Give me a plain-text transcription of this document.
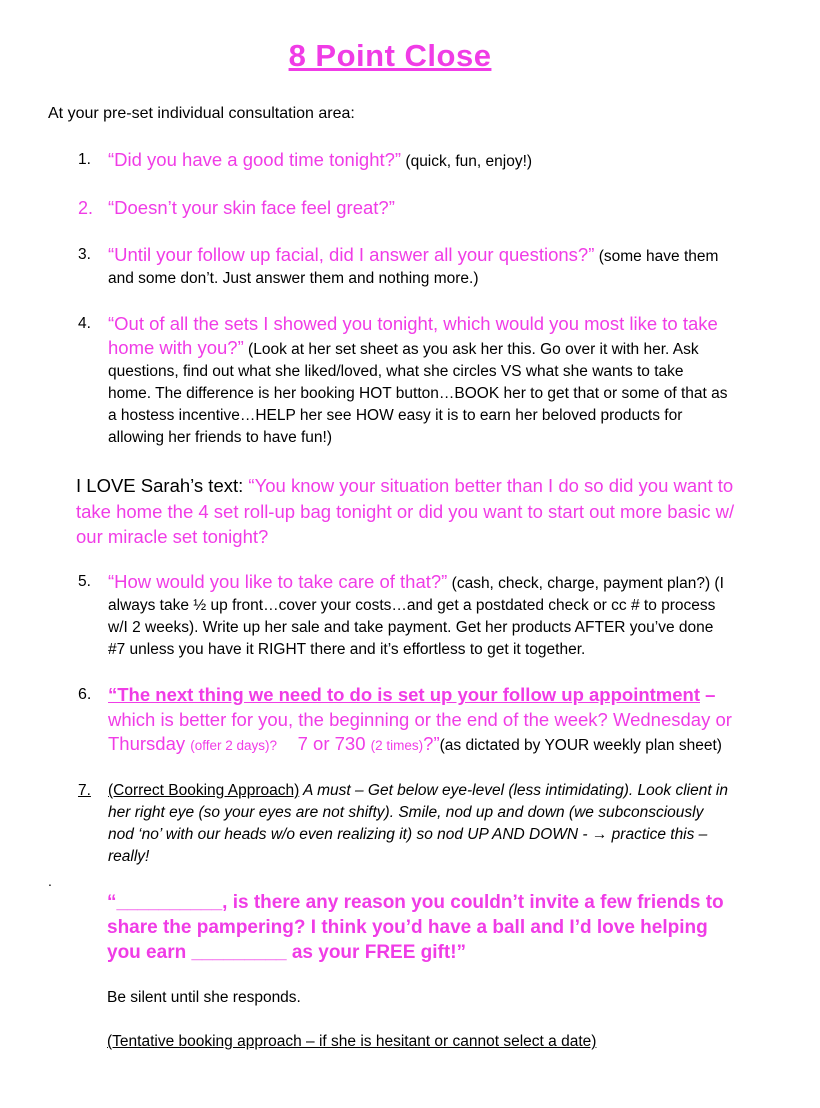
8 Point Close
At your pre-set individual consultation area:
1. “Did you have a good time tonight?” (quick, fun, enjoy!)
2. “Doesn’t your skin face feel great?”
3. “Until your follow up facial, did I answer all your questions?” (some have them and some don’t. Just answer them and nothing more.)
4. “Out of all the sets I showed you tonight, which would you most like to take home with you?” (Look at her set sheet as you ask her this. Go over it with her. Ask questions, find out what she liked/loved, what she circles VS what she wants to take home. The difference is her booking HOT button…BOOK her to get that or some of that as a hostess incentive…HELP her see HOW easy it is to earn her beloved products for allowing her friends to have fun!)
I LOVE Sarah’s text: “You know your situation better than I do so did you want to take home the 4 set roll-up bag tonight or did you want to start out more basic w/ our miracle set tonight?
5. “How would you like to take care of that?” (cash, check, charge, payment plan?) (I always take ½ up front…cover your costs…and get a postdated check or cc # to process w/I 2 weeks). Write up her sale and take payment. Get her products AFTER you’ve done #7 unless you have it RIGHT there and it’s effortless to get it together.
6. “The next thing we need to do is set up your follow up appointment – which is better for you, the beginning or the end of the week? Wednesday or Thursday (offer 2 days)? 7 or 730 (2 times)?”(as dictated by YOUR weekly plan sheet)
7. (Correct Booking Approach) A must – Get below eye-level (less intimidating). Look client in her right eye (so your eyes are not shifty). Smile, nod up and down (we subconsciously nod ‘no’ with our heads w/o even realizing it) so nod UP AND DOWN - → practice this – really!
.
“__________, is there any reason you couldn’t invite a few friends to share the pampering? I think you’d have a ball and I’d love helping you earn _________ as your FREE gift!”
Be silent until she responds.
(Tentative booking approach – if she is hesitant or cannot select a date)
